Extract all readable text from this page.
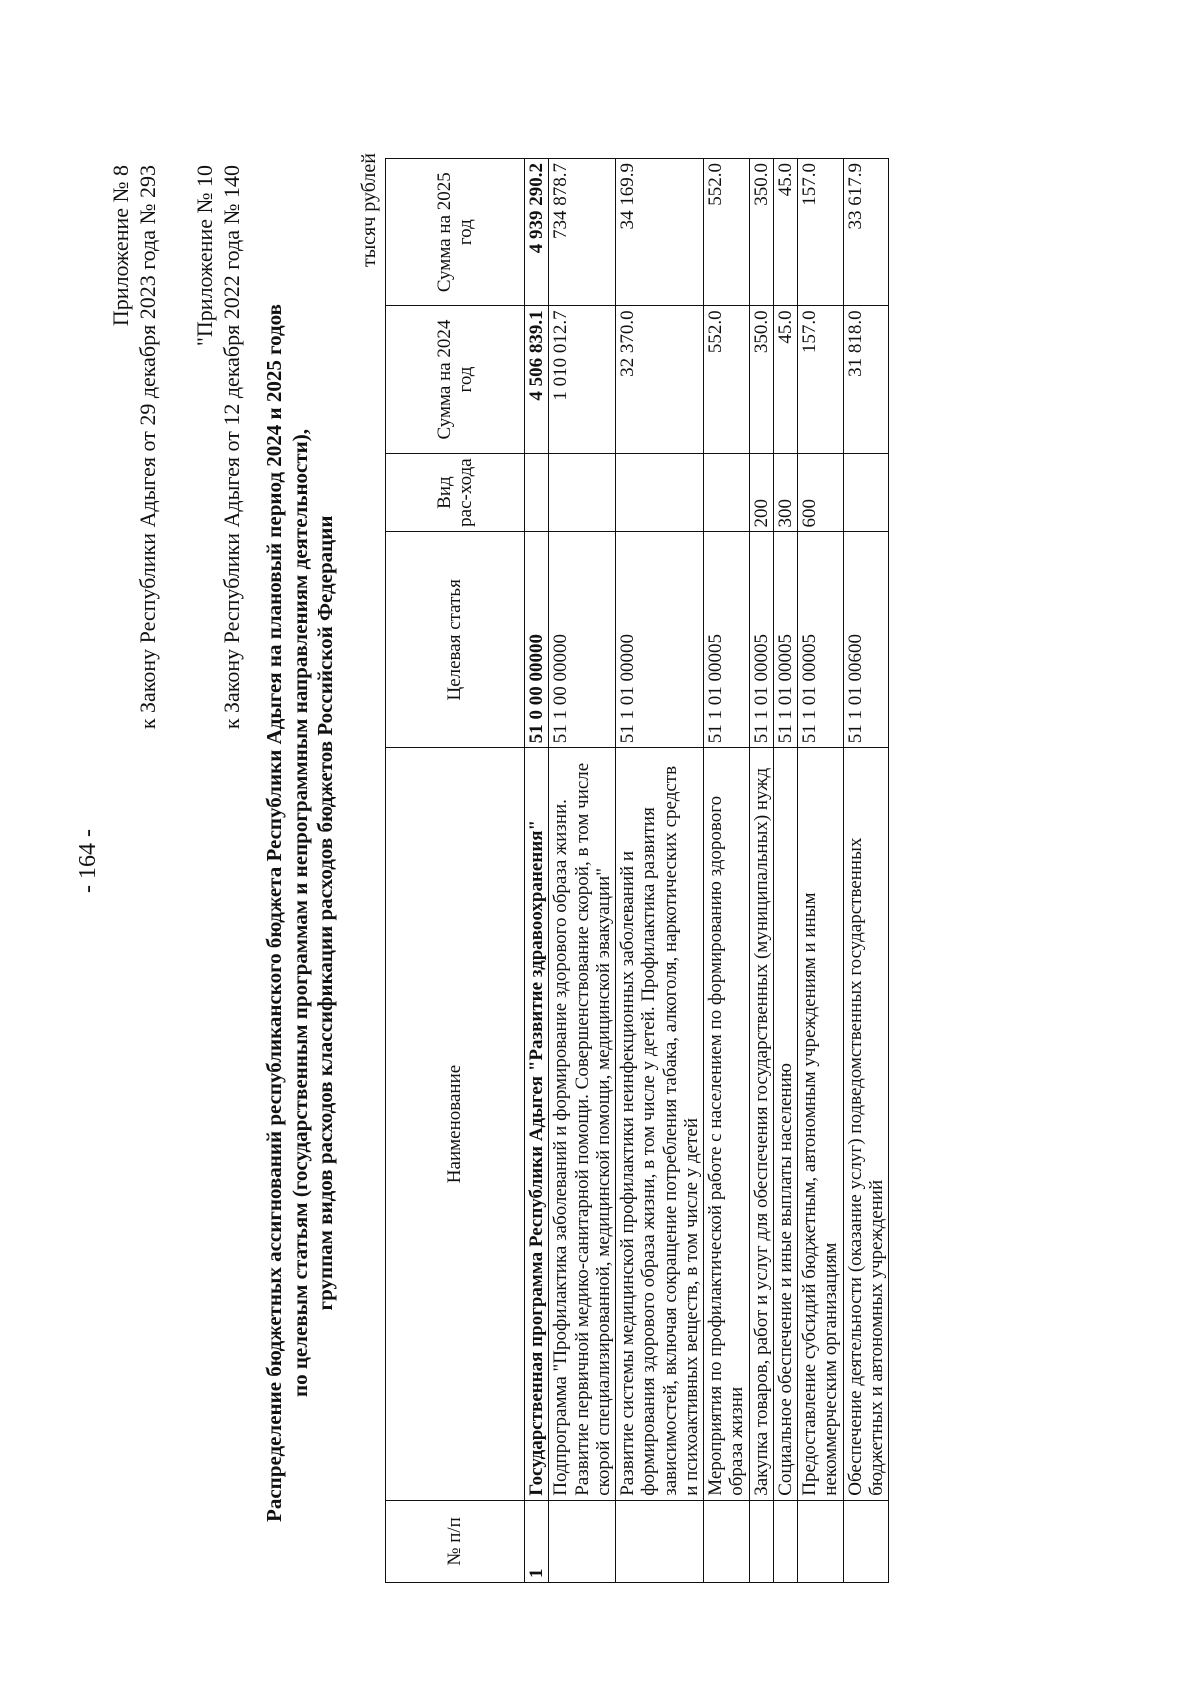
- 164 -
Приложение № 8 к Закону Республики Адыгея от 29 декабря 2023 года № 293 "Приложение № 10 к Закону Республики Адыгея от 12 декабря 2022 года № 140 Распределение бюджетных ассигнований республиканского бюджета Республики Адыгея на плановый период 2024 и 2025 годов по целевым статьям (государственным программам и непрограммным направлениям деятельности), группам видов расходов классификации расходов бюджетов Российской Федерации
тысяч рублей
№ п/п	Наименование	Целевая статья	Вид рас-хода	Сумма на 2024 год	Сумма на 2025 год
1	Государственная программа Республики Адыгея "Развитие здравоохранения"	51 0 00 00000		4 506 839.1	4 939 290.2
	Подпрограмма "Профилактика заболеваний и формирование здорового образа жизни. Развитие первичной медико-санитарной помощи. Совершенствование скорой, в том числе скорой специализированной, медицинской помощи, медицинской эвакуации"	51 1 00 00000		1 010 012.7	734 878.7
	Развитие системы медицинской профилактики неинфекционных заболеваний и формирования здорового образа жизни, в том числе у детей. Профилактика развития зависимостей, включая сокращение потребления табака, алкоголя, наркотических средств и психоактивных веществ, в том числе у детей	51 1 01 00000		32 370.0	34 169.9
	Мероприятия по профилактической работе с населением по формированию здорового образа жизни	51 1 01 00005		552.0	552.0
	Закупка товаров, работ и услуг для обеспечения государственных (муниципальных) нужд	51 1 01 00005	200	350.0	350.0
	Социальное обеспечение и иные выплаты населению	51 1 01 00005	300	45.0	45.0
	Предоставление субсидий бюджетным, автономным учреждениям и иным некоммерческим организациям	51 1 01 00005	600	157.0	157.0
	Обеспечение деятельности (оказание услуг) подведомственных государственных бюджетных и автономных учреждений	51 1 01 00600		31 818.0	33 617.9
